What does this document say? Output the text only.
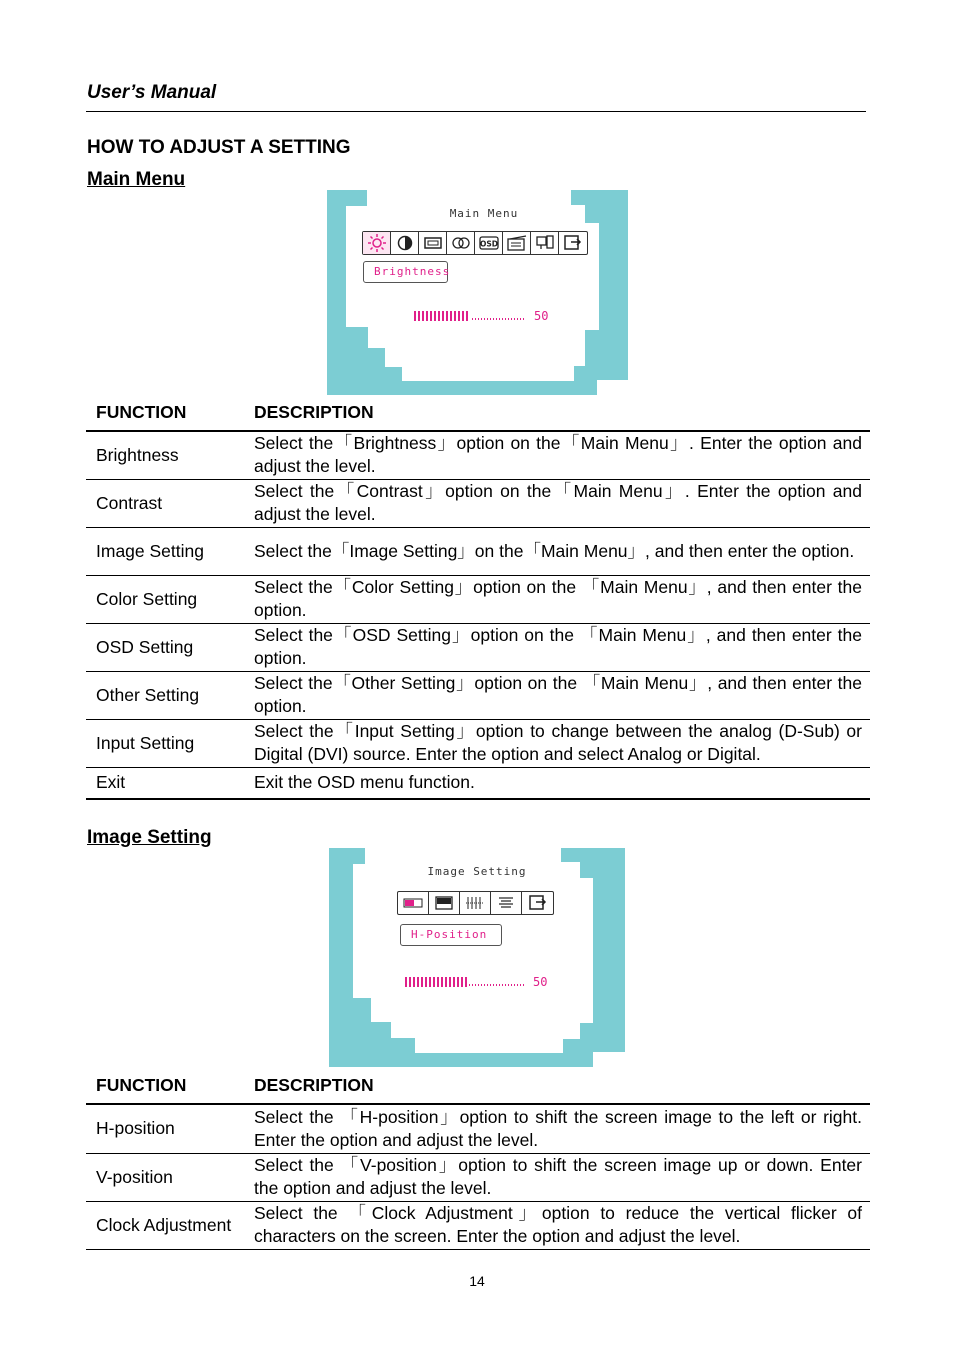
User’s Manual
HOW TO ADJUST A SETTING
Main Menu
Main Menu
OSD
Brightness
50
FUNCTION	DESCRIPTION
Brightness	Select the「Brightness」option on the「Main Menu」. Enter the option and adjust the level.
Contrast	Select the「Contrast」option on the「Main Menu」. Enter the option and adjust the level.
Image Setting	Select the「Image Setting」on the「Main Menu」, and then enter the option.
Color Setting	Select the「Color Setting」option on the 「Main Menu」, and then enter the option.
OSD Setting	Select the「OSD Setting」option on the 「Main Menu」, and then enter the option.
Other Setting	Select the「Other Setting」option on the 「Main Menu」, and then enter the option.
Input Setting	Select the「Input Setting」option to change between the analog (D-Sub) or Digital (DVI) source. Enter the option and select Analog or Digital.
Exit	Exit the OSD menu function.
Image Setting
Image Setting
H-Position
50
FUNCTION	DESCRIPTION
H-position	Select the 「H-position」option to shift the screen image to the left or right. Enter the option and adjust the level.
V-position	Select the 「V-position」option to shift the screen image up or down. Enter the option and adjust the level.
Clock Adjustment	Select the 「Clock Adjustment」option to reduce the vertical flicker of characters on the screen. Enter the option and adjust the level.
14
